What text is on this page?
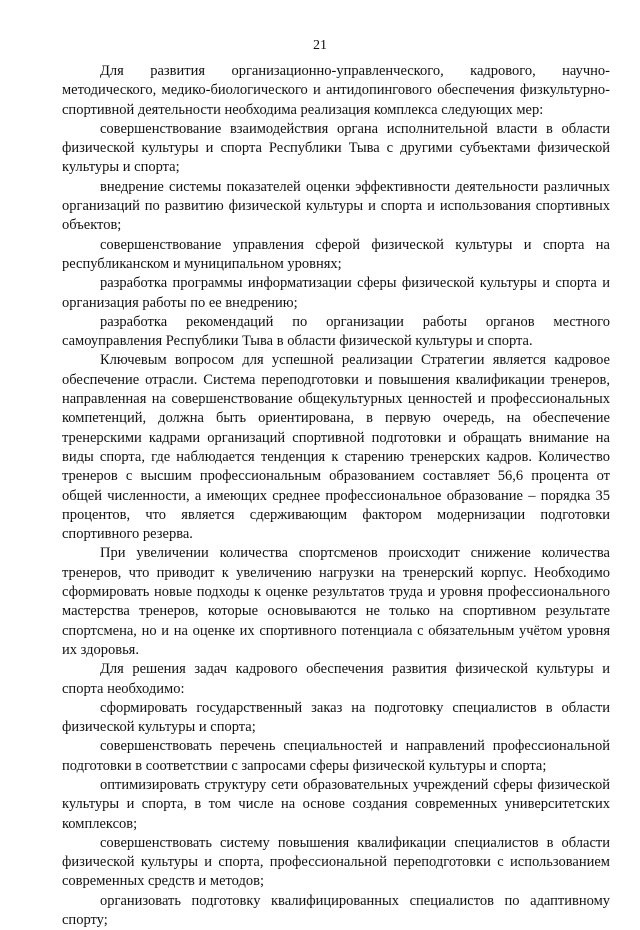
21

Для развития организационно-управленческого, кадрового, научно-методического, медико-биологического и антидопингового обеспечения физкультурно-спортивной деятельности необходима реализация комплекса следующих мер:

совершенствование взаимодействия органа исполнительной власти в области физической культуры и спорта Республики Тыва с другими субъектами физической культуры и спорта;

внедрение системы показателей оценки эффективности деятельности различных организаций по развитию физической культуры и спорта и использования спортивных объектов;

совершенствование управления сферой физической культуры и спорта на республиканском и муниципальном уровнях;

разработка программы информатизации сферы физической культуры и спорта и организация работы по ее внедрению;

разработка рекомендаций по организации работы органов местного самоуправления Республики Тыва в области физической культуры и спорта.

Ключевым вопросом для успешной реализации Стратегии является кадровое обеспечение отрасли. Система переподготовки и повышения квалификации тренеров, направленная на совершенствование общекультурных ценностей и профессиональных компетенций, должна быть ориентирована, в первую очередь, на обеспечение тренерскими кадрами организаций спортивной подготовки и обращать внимание на виды спорта, где наблюдается тенденция к старению тренерских кадров. Количество тренеров с высшим профессиональным образованием составляет 56,6 процента от общей численности, а имеющих среднее профессиональное образование – порядка 35 процентов, что является сдерживающим фактором модернизации подготовки спортивного резерва.

При увеличении количества спортсменов происходит снижение количества тренеров, что приводит к увеличению нагрузки на тренерский корпус. Необходимо сформировать новые подходы к оценке результатов труда и уровня профессионального мастерства тренеров, которые основываются не только на спортивном результате спортсмена, но и на оценке их спортивного потенциала с обязательным учётом уровня их здоровья.

Для решения задач кадрового обеспечения развития физической культуры и спорта необходимо:

сформировать государственный заказ на подготовку специалистов в области физической культуры и спорта;

совершенствовать перечень специальностей и направлений профессиональной подготовки в соответствии с запросами сферы физической культуры и спорта;

оптимизировать структуру сети образовательных учреждений сферы физической культуры и спорта, в том числе на основе создания современных университетских комплексов;

совершенствовать систему повышения квалификации специалистов в области физической культуры и спорта, профессиональной переподготовки с использованием современных средств и методов;

организовать подготовку квалифицированных специалистов по адаптивному спорту;
